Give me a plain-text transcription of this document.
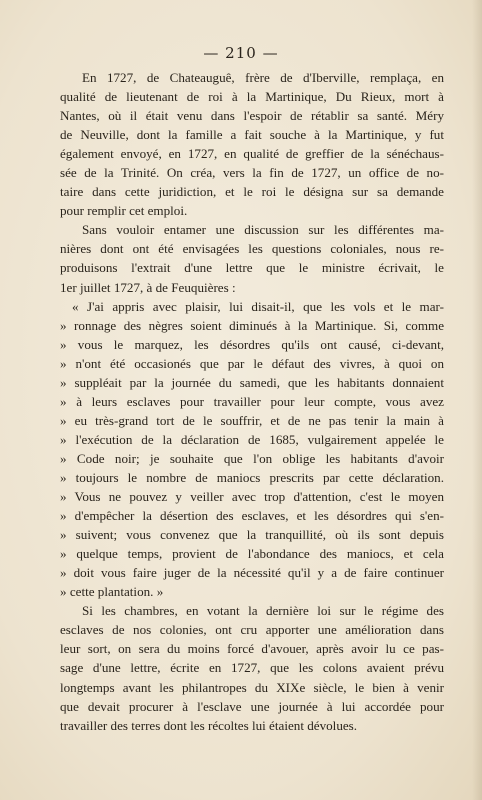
— 210 —
En 1727, de Chateauguê, frère de d'Iberville, remplaça, en
qualité de lieutenant de roi à la Martinique, Du Rieux, mort à
Nantes, où il était venu dans l'espoir de rétablir sa santé. Méry
de Neuville, dont la famille a fait souche à la Martinique, y fut
également envoyé, en 1727, en qualité de greffier de la sénéchaus-
sée de la Trinité. On créa, vers la fin de 1727, un office de no-
taire dans cette juridiction, et le roi le désigna sur sa demande
pour remplir cet emploi.
Sans vouloir entamer une discussion sur les différentes ma-
nières dont ont été envisagées les questions coloniales, nous re-
produisons l'extrait d'une lettre que le ministre écrivait, le
1er juillet 1727, à de Feuquières :
« J'ai appris avec plaisir, lui disait-il, que les vols et le mar-
» ronnage des nègres soient diminués à la Martinique. Si, comme
» vous le marquez, les désordres qu'ils ont causé, ci-devant,
» n'ont été occasionés que par le défaut des vivres, à quoi on
» suppléait par la journée du samedi, que les habitants donnaient
» à leurs esclaves pour travailler pour leur compte, vous avez
» eu très-grand tort de le souffrir, et de ne pas tenir la main à
» l'exécution de la déclaration de 1685, vulgairement appelée le
» Code noir; je souhaite que l'on oblige les habitants d'avoir
» toujours le nombre de maniocs prescrits par cette déclaration.
» Vous ne pouvez y veiller avec trop d'attention, c'est le moyen
» d'empêcher la désertion des esclaves, et les désordres qui s'en-
» suivent; vous convenez que la tranquillité, où ils sont depuis
» quelque temps, provient de l'abondance des maniocs, et cela
» doit vous faire juger de la nécessité qu'il y a de faire continuer
» cette plantation. »
Si les chambres, en votant la dernière loi sur le régime des
esclaves de nos colonies, ont cru apporter une amélioration dans
leur sort, on sera du moins forcé d'avouer, après avoir lu ce pas-
sage d'une lettre, écrite en 1727, que les colons avaient prévu
longtemps avant les philantropes du XIXe siècle, le bien à venir
que devait procurer à l'esclave une journée à lui accordée pour
travailler des terres dont les récoltes lui étaient dévolues.
